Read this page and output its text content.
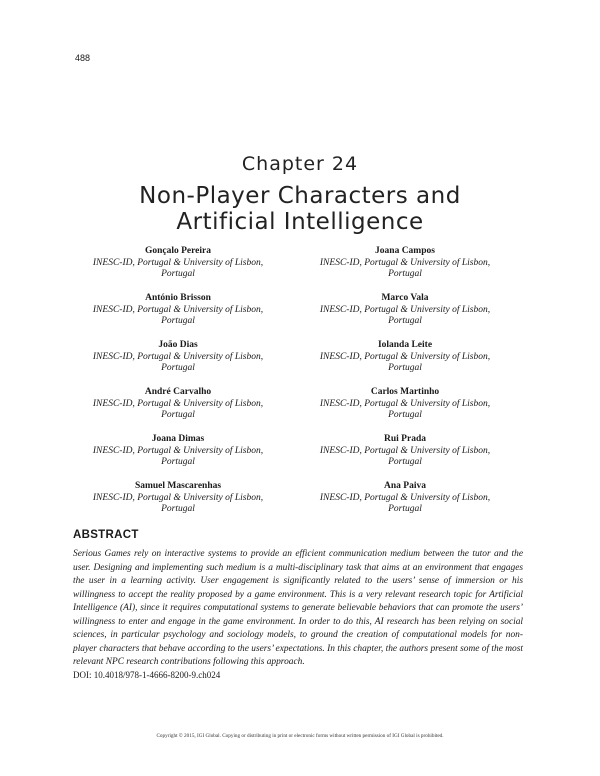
488
Chapter 24
Non-Player Characters and
Artificial Intelligence
Gonçalo Pereira
INESC-ID, Portugal & University of Lisbon,
Portugal
Joana Campos
INESC-ID, Portugal & University of Lisbon,
Portugal
António Brisson
INESC-ID, Portugal & University of Lisbon,
Portugal
Marco Vala
INESC-ID, Portugal & University of Lisbon,
Portugal
João Dias
INESC-ID, Portugal & University of Lisbon,
Portugal
Iolanda Leite
INESC-ID, Portugal & University of Lisbon,
Portugal
André Carvalho
INESC-ID, Portugal & University of Lisbon,
Portugal
Carlos Martinho
INESC-ID, Portugal & University of Lisbon,
Portugal
Joana Dimas
INESC-ID, Portugal & University of Lisbon,
Portugal
Rui Prada
INESC-ID, Portugal & University of Lisbon,
Portugal
Samuel Mascarenhas
INESC-ID, Portugal & University of Lisbon,
Portugal
Ana Paiva
INESC-ID, Portugal & University of Lisbon,
Portugal
ABSTRACT
Serious Games rely on interactive systems to provide an efficient communication medium between the tutor and the user. Designing and implementing such medium is a multi-disciplinary task that aims at an environment that engages the user in a learning activity. User engagement is significantly related to the users’ sense of immersion or his willingness to accept the reality proposed by a game environment. This is a very relevant research topic for Artificial Intelligence (AI), since it requires computational systems to generate believable behaviors that can promote the users’ willingness to enter and engage in the game environment. In order to do this, AI research has been relying on social sciences, in particular psychology and sociology models, to ground the creation of computational models for non-player characters that behave according to the users’ expectations. In this chapter, the authors present some of the most relevant NPC research contributions following this approach.
DOI: 10.4018/978-1-4666-8200-9.ch024
Copyright © 2015, IGI Global. Copying or distributing in print or electronic forms without written permission of IGI Global is prohibited.
